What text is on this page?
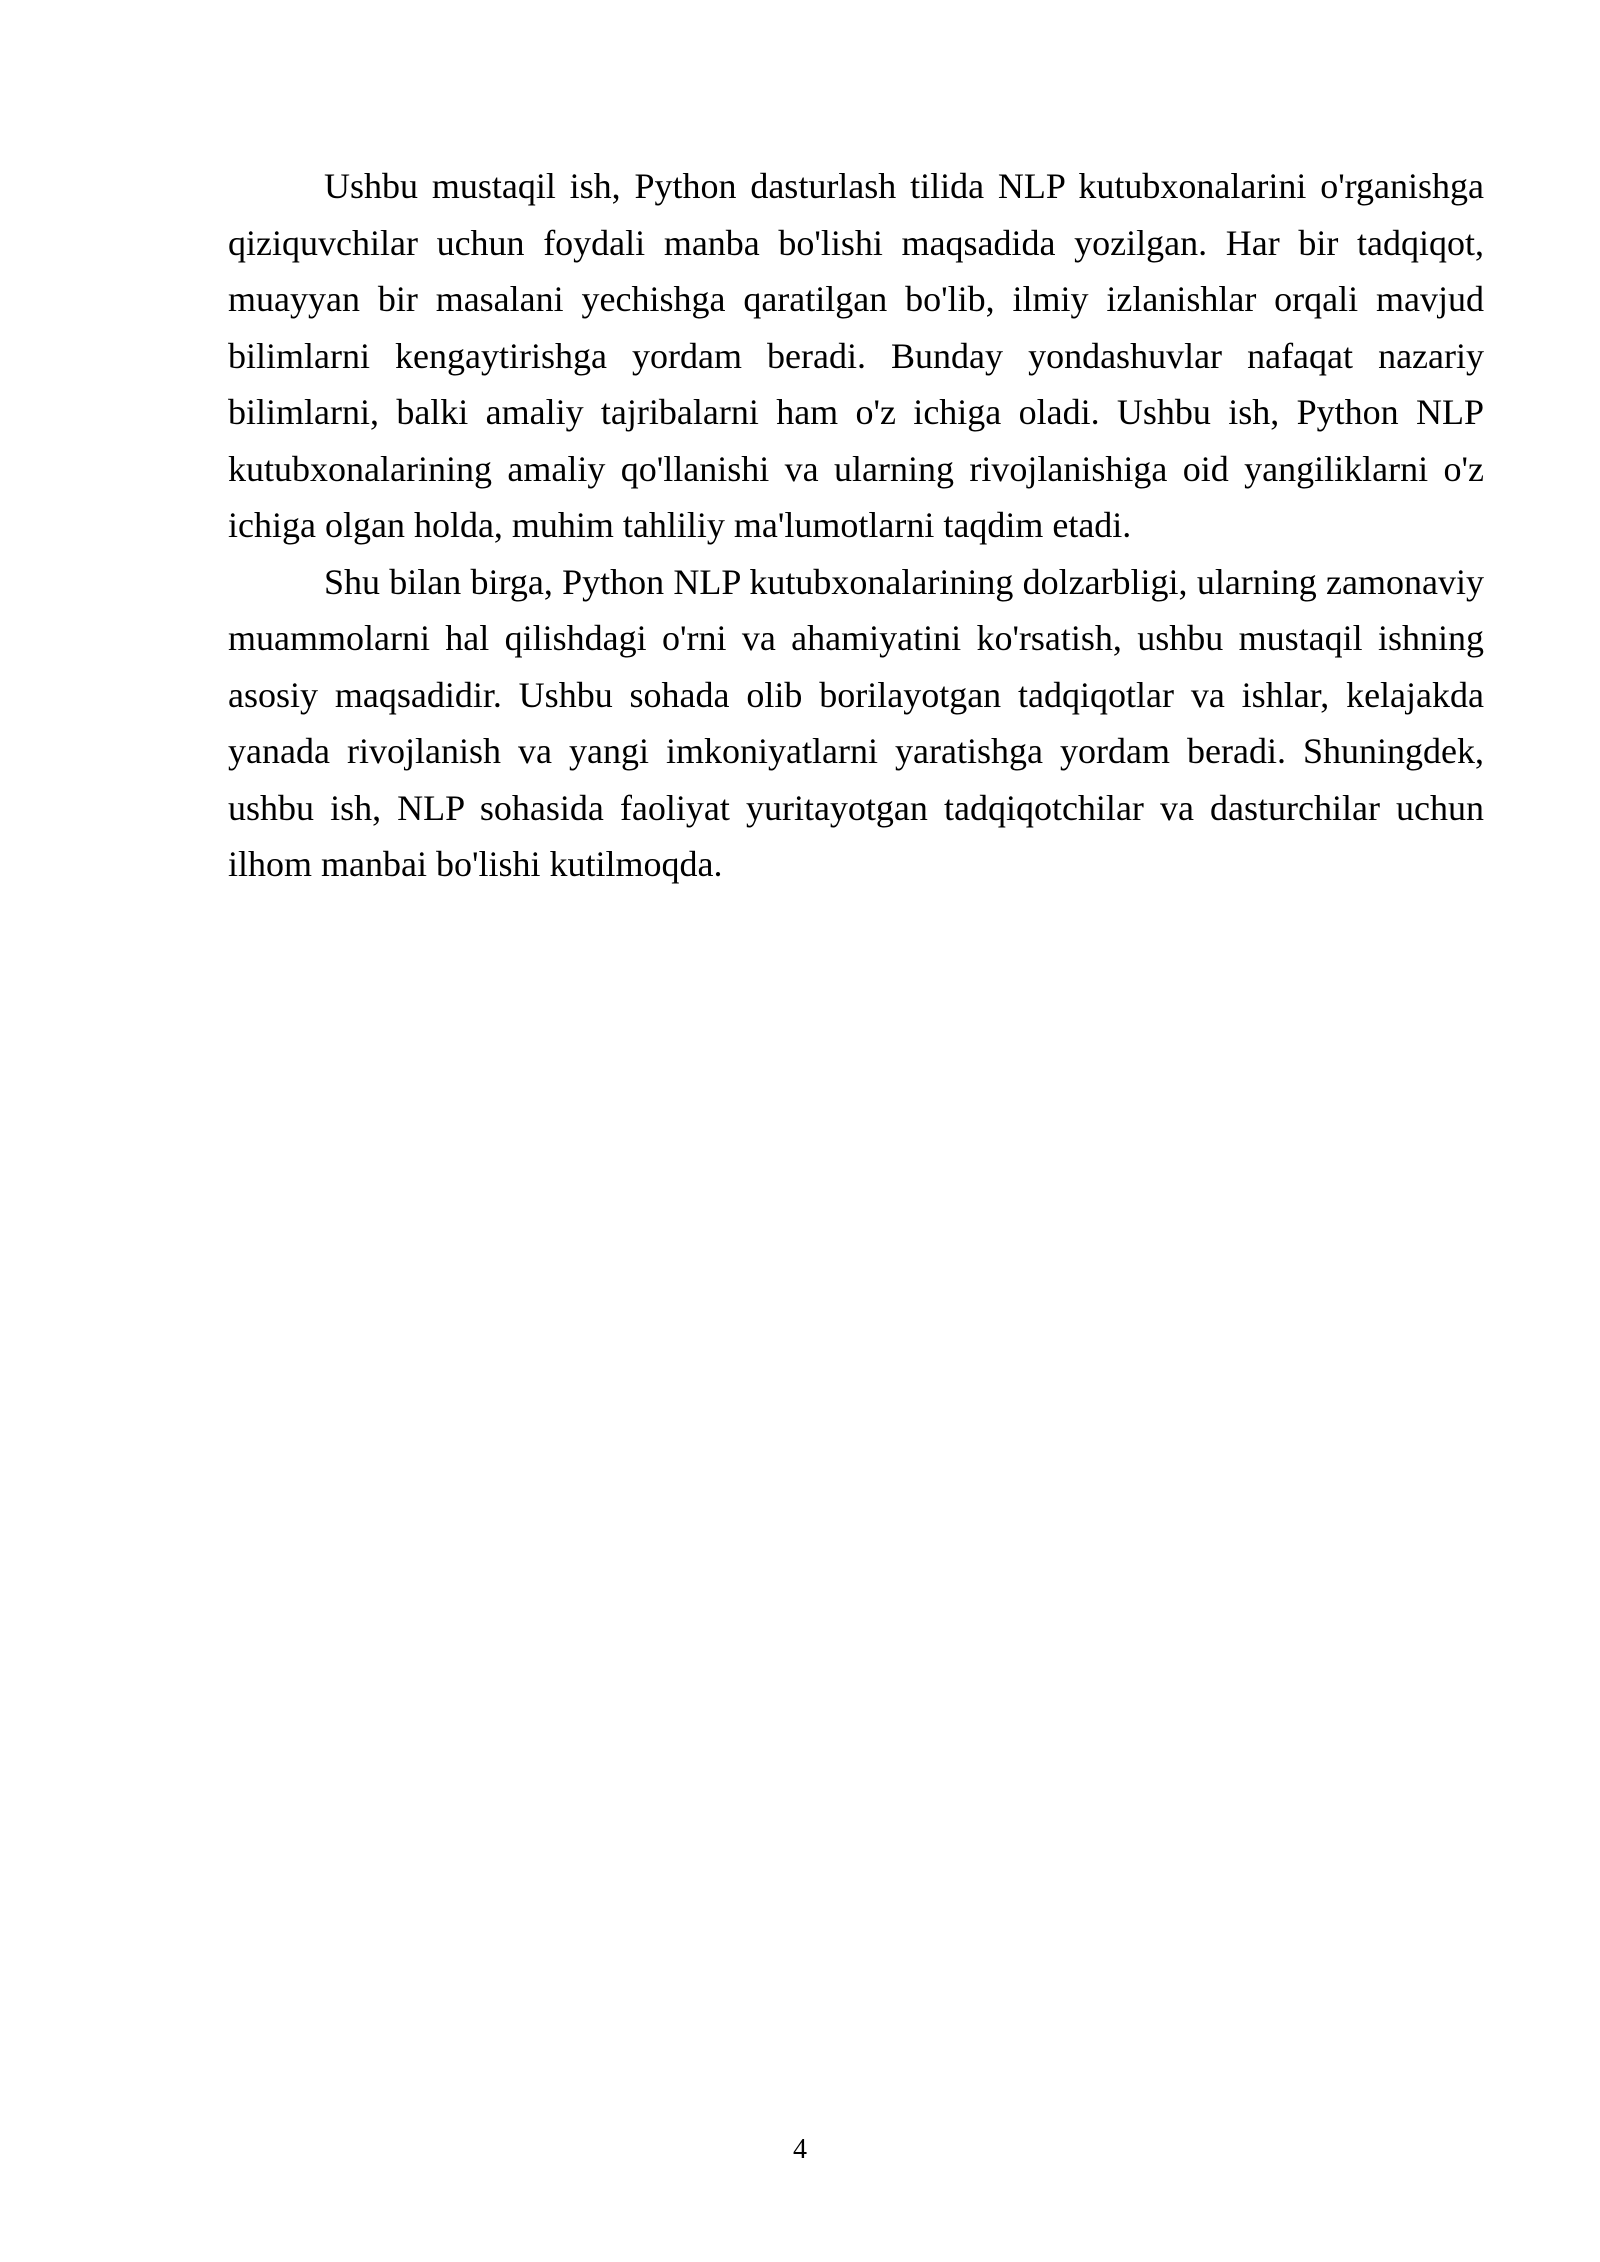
Ushbu mustaqil ish, Python dasturlash tilida NLP kutubxonalarini o'rganishga qiziquvchilar uchun foydali manba bo'lishi maqsadida yozilgan. Har bir tadqiqot, muayyan bir masalani yechishga qaratilgan bo'lib, ilmiy izlanishlar orqali mavjud bilimlarni kengaytirishga yordam beradi. Bunday yondashuvlar nafaqat nazariy bilimlarni, balki amaliy tajribalarni ham o'z ichiga oladi. Ushbu ish, Python NLP kutubxonalarining amaliy qo'llanishi va ularning rivojlanishiga oid yangiliklarni o'z ichiga olgan holda, muhim tahliliy ma'lumotlarni taqdim etadi.

Shu bilan birga, Python NLP kutubxonalarining dolzarbligi, ularning zamonaviy muammolarni hal qilishdagi o'rni va ahamiyatini ko'rsatish, ushbu mustaqil ishning asosiy maqsadidir. Ushbu sohada olib borilayotgan tadqiqotlar va ishlar, kelajakda yanada rivojlanish va yangi imkoniyatlarni yaratishga yordam beradi. Shuningdek, ushbu ish, NLP sohasida faoliyat yuritayotgan tadqiqotchilar va dasturchilar uchun ilhom manbai bo'lishi kutilmoqda.

4
